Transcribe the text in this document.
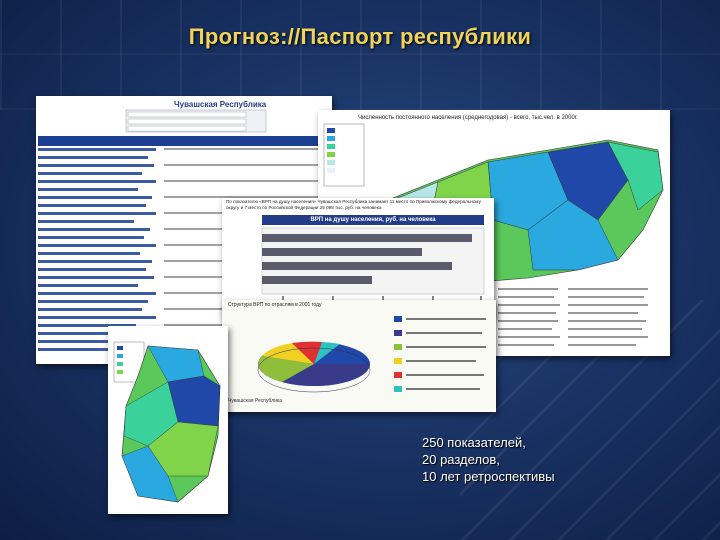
Прогноз://Паспорт республики
Чувашская Республика
Численность постоянного населения (среднегодовая) - всего, тыс.чел. в 2000г.
По показателю «ВРП на душу населения» Чувашская Республика занимает 11 место по Приволжскому федеральному округу и 7 место по Российской Федерации 25 098 тыс. руб. на человека
ВРП на душу населения, руб. на человека
Структура ВРП по отраслям в 2001 году
Чувашская Республика
250 показателей,
20 разделов,
10 лет ретроспективы
